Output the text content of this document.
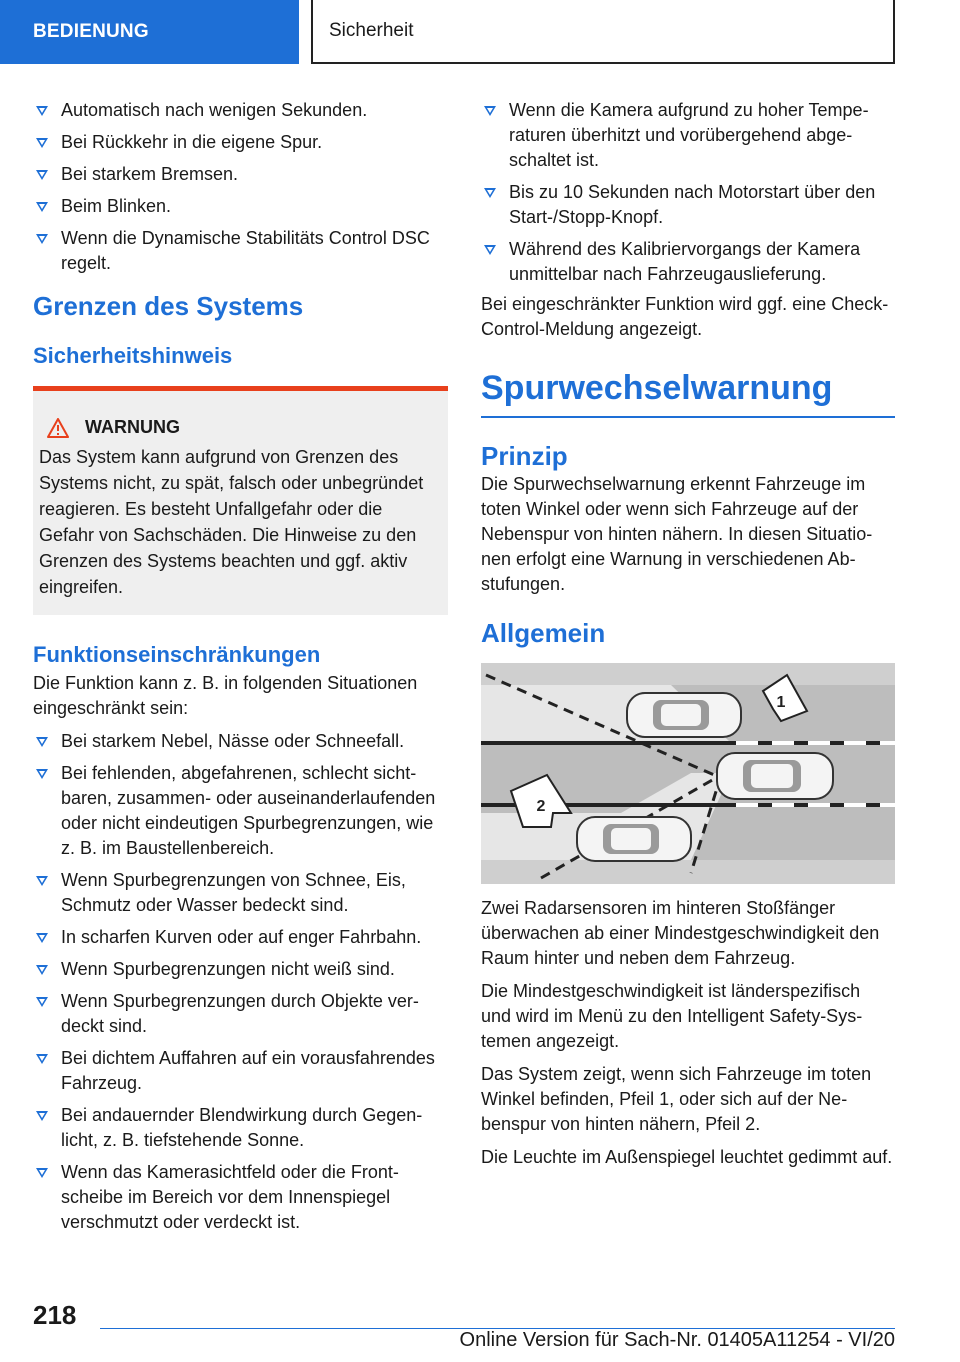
BEDIENUNG	Sicherheit
Automatisch nach wenigen Sekunden.
Bei Rückkehr in die eigene Spur.
Bei starkem Bremsen.
Beim Blinken.
Wenn die Dynamische Stabilitäts Control DSC regelt.
Grenzen des Systems
Sicherheitshinweis
WARNUNG
Das System kann aufgrund von Grenzen des Systems nicht, zu spät, falsch oder unbegründet reagieren. Es besteht Unfallgefahr oder die Gefahr von Sachschäden. Die Hinweise zu den Grenzen des Systems beachten und ggf. aktiv eingreifen.
Funktionseinschränkungen
Die Funktion kann z. B. in folgenden Situationen eingeschränkt sein:
Bei starkem Nebel, Nässe oder Schneefall.
Bei fehlenden, abgefahrenen, schlecht sichtbaren, zusammen- oder auseinanderlaufenden oder nicht eindeutigen Spurbegrenzungen, wie z. B. im Baustellenbereich.
Wenn Spurbegrenzungen von Schnee, Eis, Schmutz oder Wasser bedeckt sind.
In scharfen Kurven oder auf enger Fahrbahn.
Wenn Spurbegrenzungen nicht weiß sind.
Wenn Spurbegrenzungen durch Objekte verdeckt sind.
Bei dichtem Auffahren auf ein vorausfahrendes Fahrzeug.
Bei andauernder Blendwirkung durch Gegenlicht, z. B. tiefstehende Sonne.
Wenn das Kamerasichtfeld oder die Frontscheibe im Bereich vor dem Innenspiegel verschmutzt oder verdeckt ist.
Wenn die Kamera aufgrund zu hoher Temperaturen überhitzt und vorübergehend abgeschaltet ist.
Bis zu 10 Sekunden nach Motorstart über den Start-/Stopp-Knopf.
Während des Kalibriervorgangs der Kamera unmittelbar nach Fahrzeugauslieferung.
Bei eingeschränkter Funktion wird ggf. eine Check-Control-Meldung angezeigt.
Spurwechselwarnung
Prinzip
Die Spurwechselwarnung erkennt Fahrzeuge im toten Winkel oder wenn sich Fahrzeuge auf der Nebenspur von hinten nähern. In diesen Situationen erfolgt eine Warnung in verschiedenen Abstufungen.
Allgemein
1
2
Zwei Radarsensoren im hinteren Stoßfänger überwachen ab einer Mindestgeschwindigkeit den Raum hinter und neben dem Fahrzeug.
Die Mindestgeschwindigkeit ist länderspezifisch und wird im Menü zu den Intelligent Safety-Systemen angezeigt.
Das System zeigt, wenn sich Fahrzeuge im toten Winkel befinden, Pfeil 1, oder sich auf der Nebenspur von hinten nähern, Pfeil 2.
Die Leuchte im Außenspiegel leuchtet gedimmt auf.
218
Online Version für Sach-Nr. 01405A11254 - VI/20
